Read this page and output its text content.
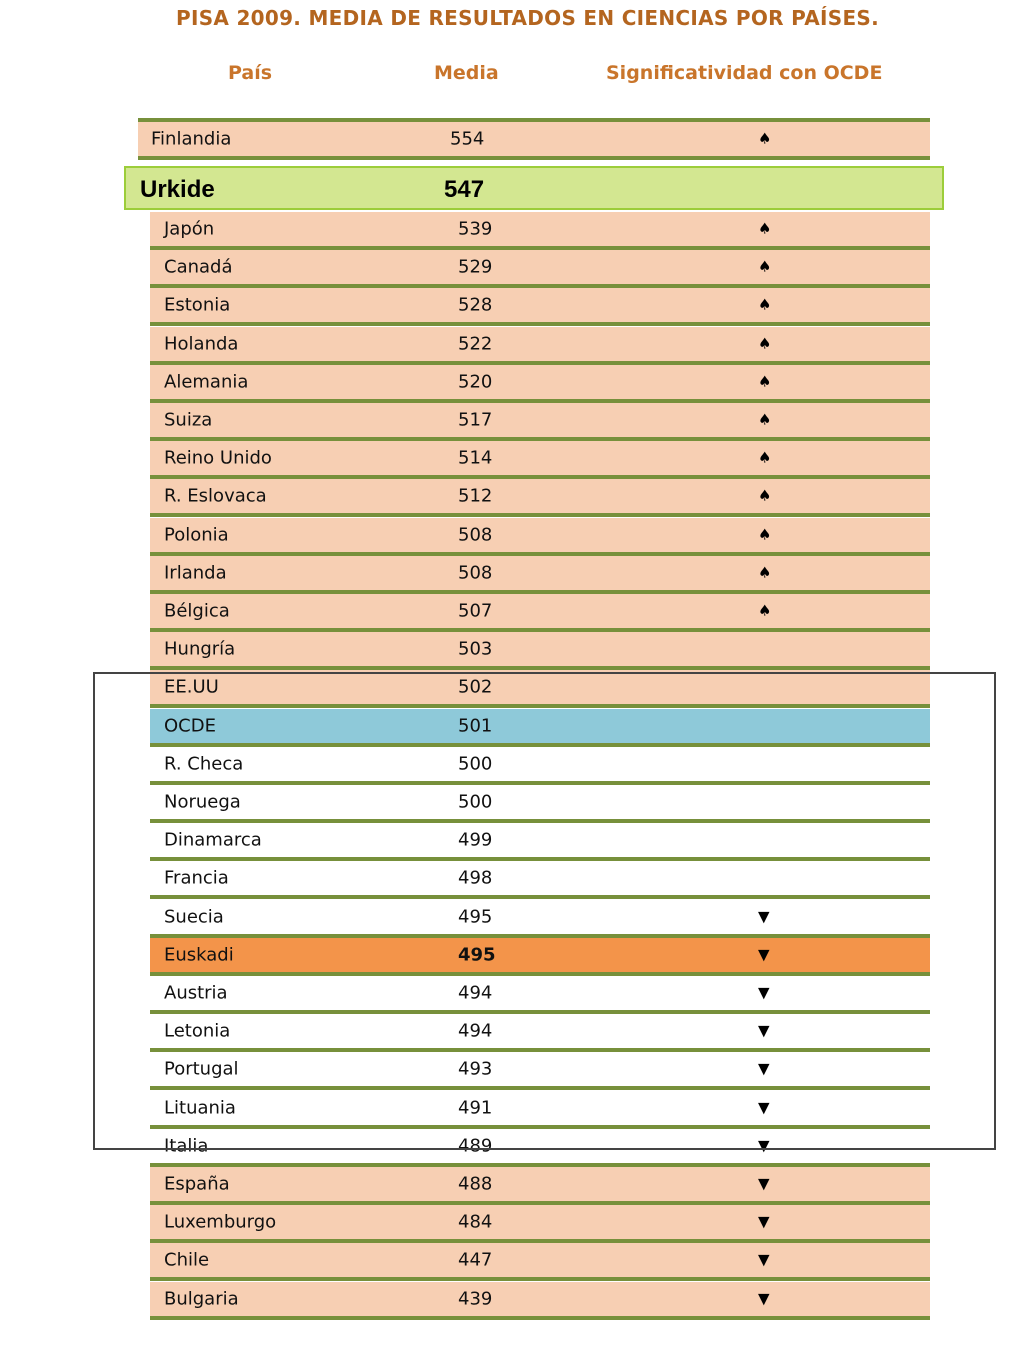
PISA 2009. MEDIA DE RESULTADOS EN CIENCIAS POR PAÍSES.
País	Media	Significatividad con OCDE
Finlandia	554	♠
Urkide	547
Japón	539	♠
Canadá	529	♠
Estonia	528	♠
Holanda	522	♠
Alemania	520	♠
Suiza	517	♠
Reino Unido	514	♠
R. Eslovaca	512	♠
Polonia	508	♠
Irlanda	508	♠
Bélgica	507	♠
Hungría	503
EE.UU	502
OCDE	501
R. Checa	500
Noruega	500
Dinamarca	499
Francia	498
Suecia	495	▼
Euskadi	495	▼
Austria	494	▼
Letonia	494	▼
Portugal	493	▼
Lituania	491	▼
Italia	489	▼
España	488	▼
Luxemburgo	484	▼
Chile	447	▼
Bulgaria	439	▼
